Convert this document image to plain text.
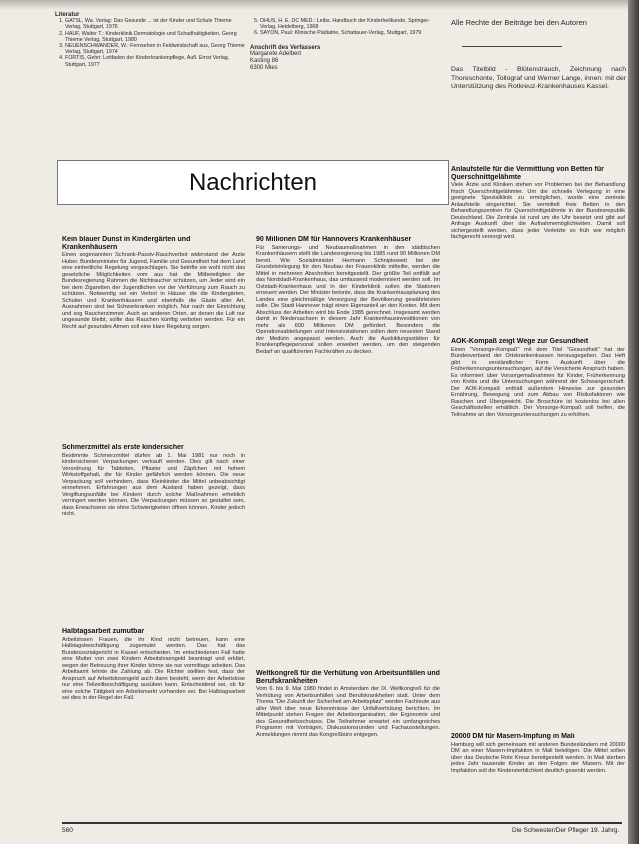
Literatur
1. GATSL, Wa. Verlag: Das Gesunde ... ist der Kinder und Schule Thieme Verlag, Stuttgart, 1976
2. HAUF, Walter T.: Kinderklinik Dermatologie und Schadhaltigkeiten, Georg Thieme Verlag, Stuttgart, 1980
3. NEUENSCHWANDER, W.: Fernsehen in Feldwindschaft aus, Georg Thieme Verlag, Stuttgart, 1974
4. FORTIS, Gehri: Leitfaden der Kinderkrankenpflege, Aufl. Ernst Verlag, Stuttgart, 1977
5. OHUS, H. E. DC MED.: Leibs. Handbuch der Kinderheilkunde, Springer-Verlag, Heidelberg, 1968
6. SAYON, Paul: Klinische Pädiatrie, Schattauer-Verlag, Stuttgart, 1979
Anschrift des Verfassers
Margarete Adelbert
Kasting 86
6300 Mies
Alle Rechte der Beiträge bei den Autoren

Das Titelbild - Blütenstrauch, Zeichnung nach Thoreschonte, Tollograf und Werner Lange, innen: mit der Unterstützung des Rotkreuz-Krankenhauses Kassel.

Nachrichten
Kein blauer Dunst in Kindergärten und Krankenhäusern

Einen sogenannten Schrank-Passiv-Rauchverbot widerstand der Arzte Huber. Bundesminister für Jugend, Familie und Gesundheit hat dem Land eine einheitliche Regelung vorgeschlagen. Sie betrifte sie wohl nicht das gesetzliche Möglichkeiten vom aus hat die Mitbeteiligten der Bundesregierung Rahmen die Nichtraucher schützen, um Jeder wird ein bei dem Zigaretten der Jugendlichen vor der Verführung zum Rauch zu schützen. Notwendig sei ein Verbot in Häuser die die Kindergärten, Schulen und Krankenhäusern und ebenfalls die Gäste aller Art. Ausnahmen sind bei Schwerkranken möglich. Nur nach der Einrichtung und sog Raucherzimmer. Auch an anderen Orten, an denen die Luft nur ungesunde bleibt, sollte das Rauchen künftig verboten werden. Für ein Recht auf gesundes Atmen soll eine klare Regelung sorgen.

Schmerzmittel als erste kindersicher

Bestimmte Schmerzmittel dürfen ab 1. Mai 1981 nur noch in kindersicheren Verpackungen verkauft werden. Dies gilt nach einer Verordnung für Tabletten, Pflaster und Zäpfchen mit hohem Wirkstoffgehalt, die für Kinder gefährlich werden können. Die neue Verpackung soll verhindern, dass Kleinkinder die Mittel unbeabsichtigt einnehmen. Erfahrungen aus dem Ausland haben gezeigt, dass Vergiftungsunfälle bei Kindern durch solche Maßnahmen erheblich verringert werden können. Die Verpackungen müssen so gestaltet sein, dass Erwachsene sie ohne Schwierigkeiten öffnen können, Kinder jedoch nicht.

Halbtagsarbeit zumutbar

Arbeitslosen Frauen, die ihr Kind nicht betreuen, kann eine Halbtagsbeschäftigung zugemutet werden. Das hat das Bundessozialgericht in Kassel entschieden. Im entschiedenen Fall hatte eine Mutter von zwei Kindern Arbeitslosengeld beantragt und erklärt, wegen der Betreuung ihrer Kinder könne sie nur vormittags arbeiten. Das Arbeitsamt lehnte die Zahlung ab. Die Richter stellten fest, dass der Anspruch auf Arbeitslosengeld auch dann besteht, wenn der Arbeitslose nur eine Teilzeitbeschäftigung ausüben kann. Entscheidend sei, ob für eine solche Tätigkeit ein Arbeitsmarkt vorhanden sei. Bei Halbtagsarbeit sei dies in der Regel der Fall.

90 Millionen DM für Hannovers Krankenhäuser

Für Sanierungs- und Neubaumaßnahmen in den städtischen Krankenhäusern stellt die Landesregierung bis 1985 rund 90 Millionen DM bereit. Wie Sozialminister Hermann Schnipkoweit bei der Grundsteinlegung für den Neubau der Frauenklinik mitteilte, werden die Mittel in mehreren Abschnitten bereitgestellt. Der größte Teil entfällt auf das Nordstadt-Krankenhaus, das umfassend modernisiert werden soll. Im Oststadt-Krankenhaus und in der Kinderklinik sollen die Stationen erneuert werden. Der Minister betonte, dass die Krankenhausplanung des Landes eine gleichmäßige Versorgung der Bevölkerung gewährleisten solle. Die Stadt Hannover trägt einen Eigenanteil an den Kosten. Mit dem Abschluss der Arbeiten wird bis Ende 1985 gerechnet. Insgesamt werden damit in Niedersachsen in diesem Jahr Krankenhausinvestitionen von mehr als 600 Millionen DM gefördert. Besonders die Operationsabteilungen und Intensivstationen sollen dem neuesten Stand der Medizin angepasst werden. Auch die Ausbildungsstätten für Krankenpflegepersonal sollen erweitert werden, um den steigenden Bedarf an qualifizierten Fachkräften zu decken.

Weltkongreß für die Verhütung von Arbeitsunfällen und Berufskrankheiten

Vom 6. bis 9. Mai 1980 findet in Amsterdam der IX. Weltkongreß für die Verhütung von Arbeitsunfällen und Berufskrankheiten statt. Unter dem Thema "Die Zukunft der Sicherheit am Arbeitsplatz" werden Fachleute aus aller Welt über neue Erkenntnisse der Unfallverhütung berichten. Im Mittelpunkt stehen Fragen der Arbeitsorganisation, der Ergonomie und des Gesundheitsschutzes. Die Teilnehmer erwartet ein umfangreiches Programm mit Vorträgen, Diskussionsrunden und Fachausstellungen. Anmeldungen nimmt das Kongreßbüro entgegen.

Anlaufstelle für die Vermittlung von Betten für Querschnittgelähmte

Viele Ärzte und Kliniken stehen vor Problemen bei der Behandlung frisch Querschnittgelähmter. Um die schnelle Verlegung in eine geeignete Spezialklinik zu ermöglichen, wurde eine zentrale Anlaufstelle eingerichtet. Sie vermittelt freie Betten in den Behandlungszentren für Querschnittgelähmte in der Bundesrepublik Deutschland. Die Zentrale ist rund um die Uhr besetzt und gibt auf Anfrage Auskunft über die Aufnahmemöglichkeiten. Damit soll sichergestellt werden, dass jeder Verletzte so früh wie möglich fachgerecht versorgt wird.

AOK-Kompaß zeigt Wege zur Gesundheit

Einen "Vorsorge-Kompaß" mit dem Titel "Gesundheit" hat der Bundesverband der Ortskrankenkassen herausgegeben. Das Heft gibt in verständlicher Form Auskunft über die Früherkennungsuntersuchungen, auf die Versicherte Anspruch haben. Es informiert über Vorsorgemaßnahmen für Kinder, Früherkennung von Krebs und die Untersuchungen während der Schwangerschaft. Der AOK-Kompaß enthält außerdem Hinweise zur gesunden Ernährung, Bewegung und zum Abbau von Risikofaktoren wie Rauchen und Übergewicht. Die Broschüre ist kostenlos bei allen Geschäftsstellen erhältlich. Der Vorsorge-Kompaß soll helfen, die Teilnahme an den Vorsorgeuntersuchungen zu erhöhen.

20000 DM für Masern-Impfung in Mali

Hamburg will sich gemeinsam mit anderen Bundesländern mit 20000 DM an einer Masern-Impfaktion in Mali beteiligen. Die Mittel sollen über das Deutsche Rote Kreuz bereitgestellt werden. In Mali sterben jedes Jahr tausende Kinder an den Folgen der Masern. Mit der Impfaktion soll die Kindersterblichkeit deutlich gesenkt werden.

560	Die Schwester/Der Pfleger 19. Jahrg.
